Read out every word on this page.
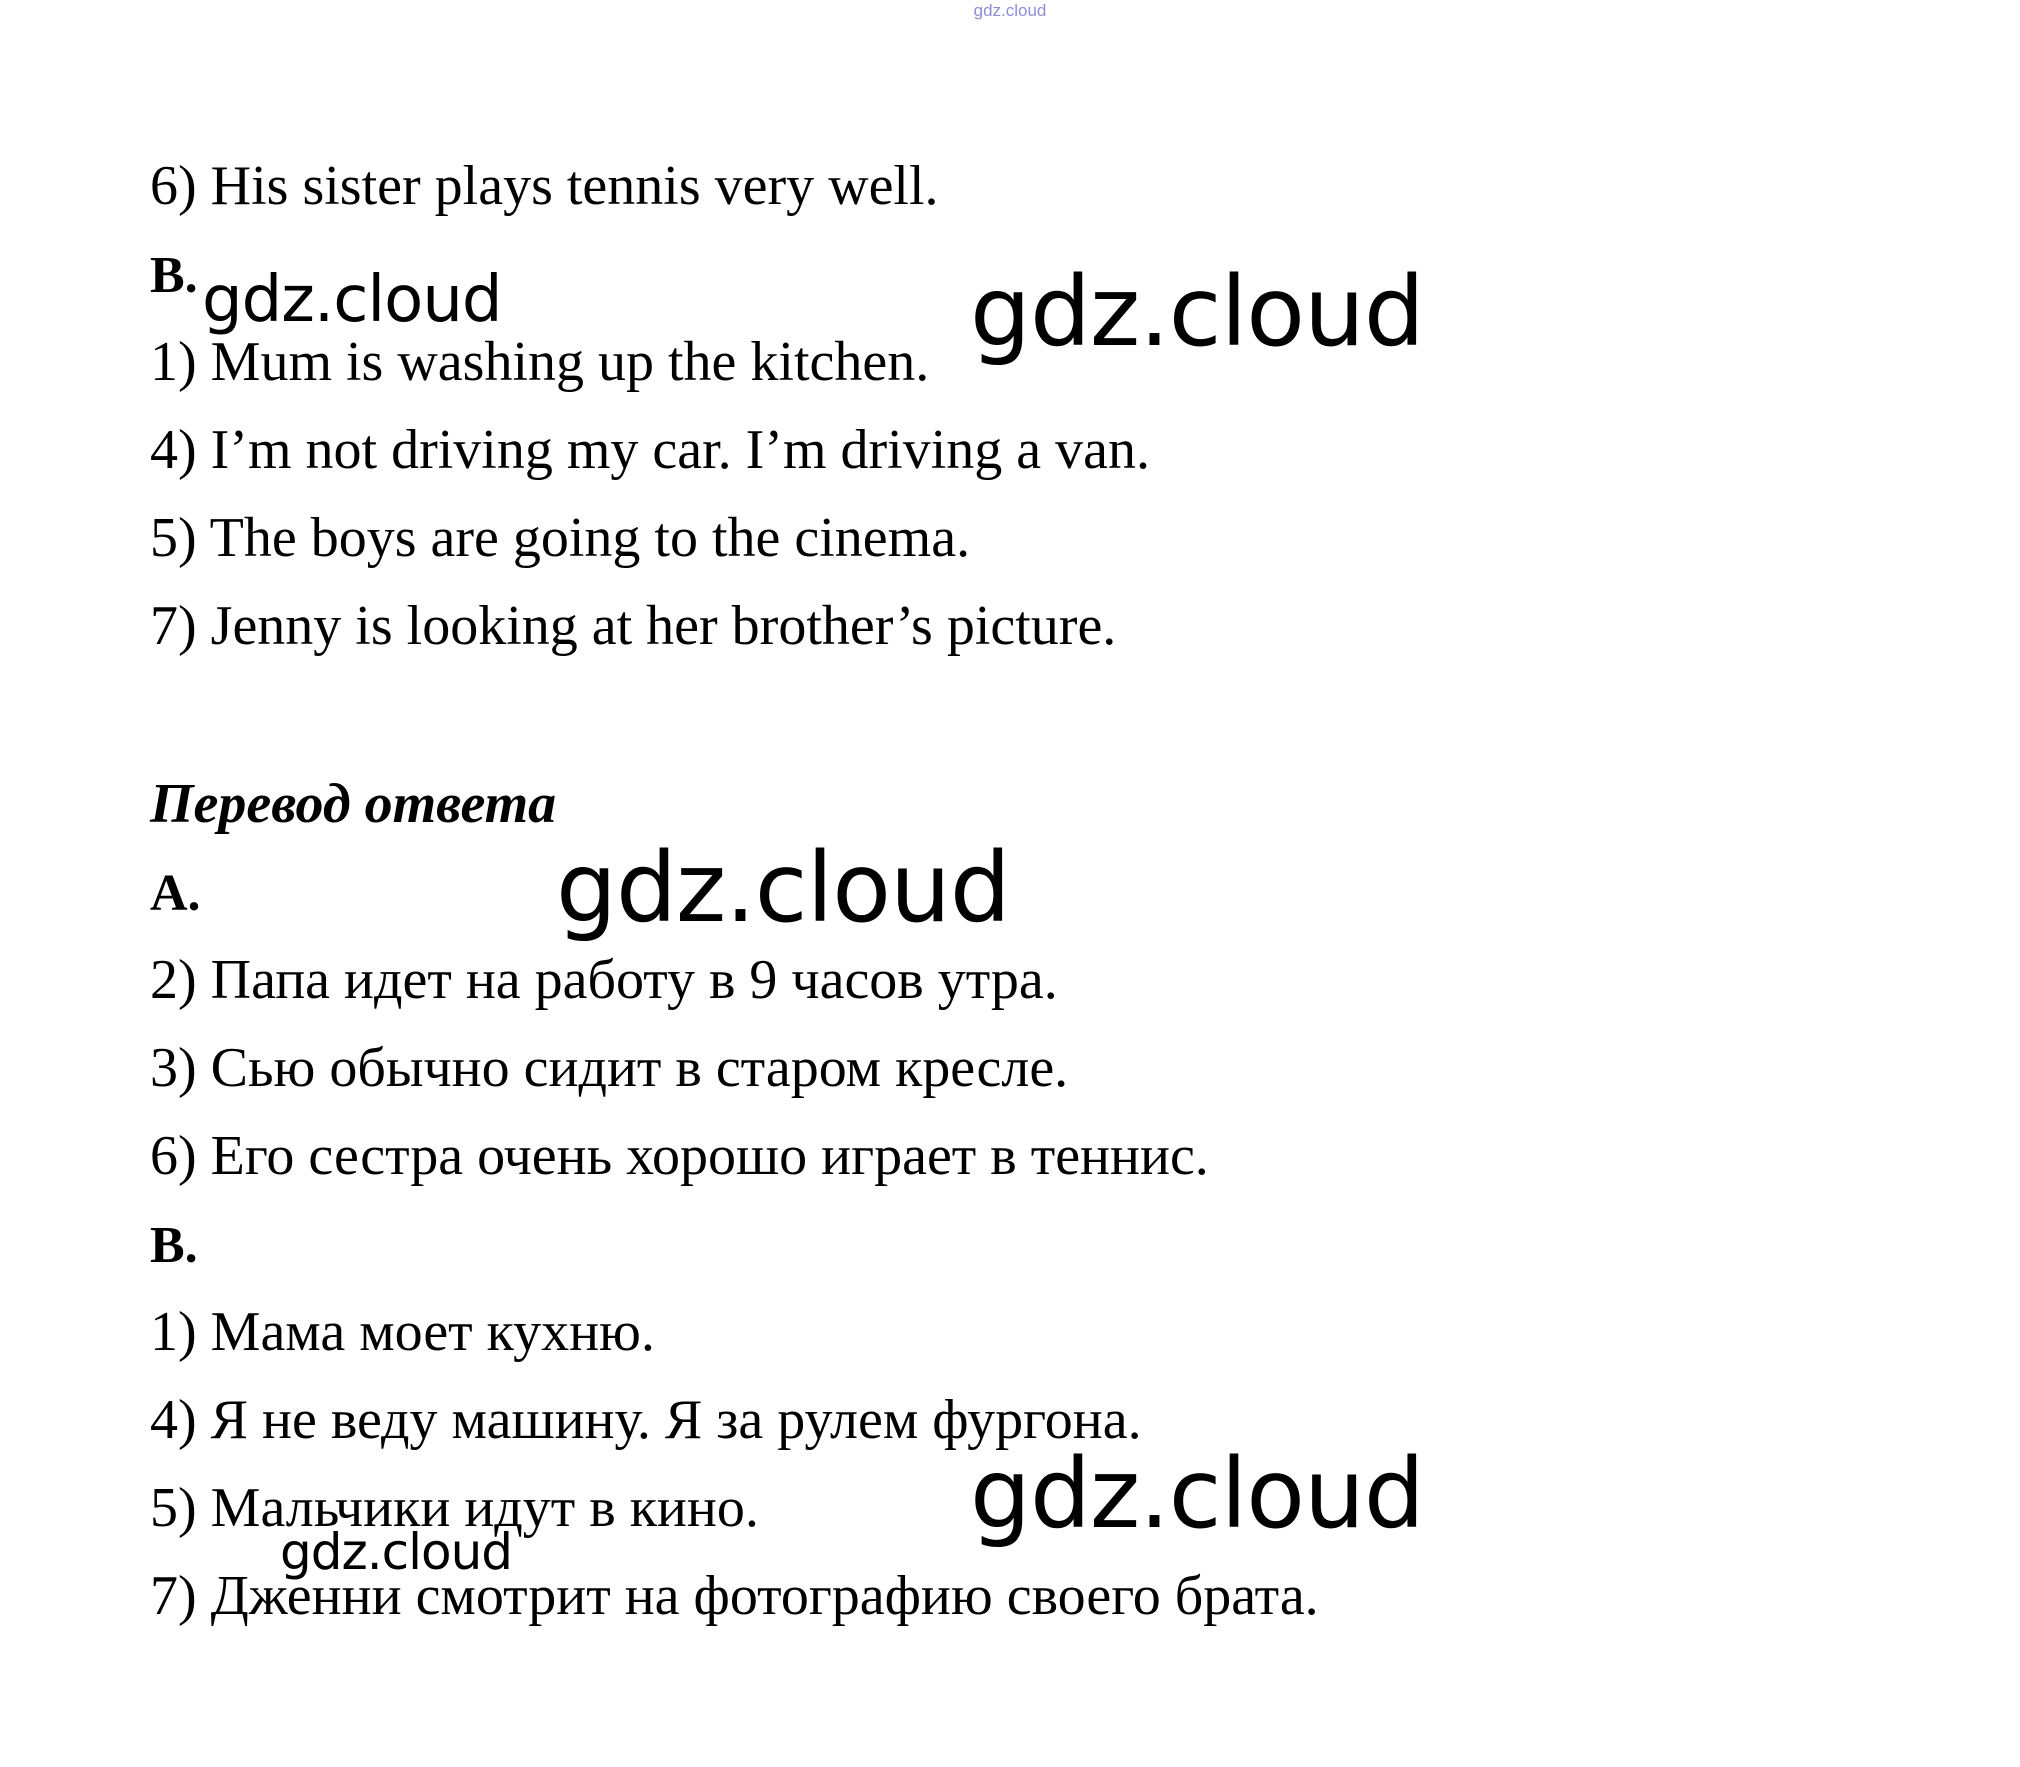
gdz.cloud
6) His sister plays tennis very well.
B.
1) Mum is washing up the kitchen.
4) I’m not driving my car. I’m driving a van.
5) The boys are going to the cinema.
7) Jenny is looking at her brother’s picture.
Перевод ответа
A.
2) Папа идет на работу в 9 часов утра.
3) Сью обычно сидит в старом кресле.
6) Его сестра очень хорошо играет в теннис.
B.
1) Мама моет кухню.
4) Я не веду машину. Я за рулем фургона.
5) Мальчики идут в кино.
7) Дженни смотрит на фотографию своего брата.
gdz.cloud	gdz.cloud
gdz.cloud
gdz.cloud
gdz.cloud
